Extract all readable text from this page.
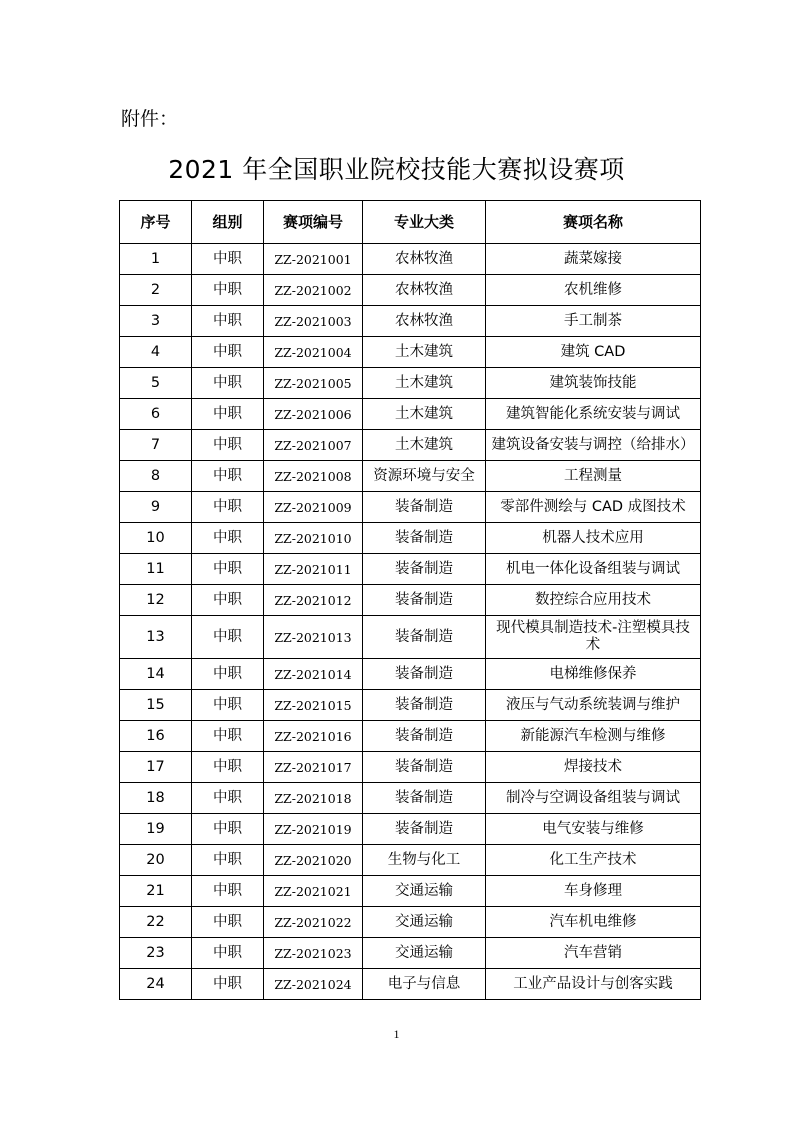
附件：
2021 年全国职业院校技能大赛拟设赛项
序号	组别	赛项编号	专业大类	赛项名称
1	中职	ZZ-2021001	农林牧渔	蔬菜嫁接
2	中职	ZZ-2021002	农林牧渔	农机维修
3	中职	ZZ-2021003	农林牧渔	手工制茶
4	中职	ZZ-2021004	土木建筑	建筑 CAD
5	中职	ZZ-2021005	土木建筑	建筑装饰技能
6	中职	ZZ-2021006	土木建筑	建筑智能化系统安装与调试
7	中职	ZZ-2021007	土木建筑	建筑设备安装与调控（给排水）
8	中职	ZZ-2021008	资源环境与安全	工程测量
9	中职	ZZ-2021009	装备制造	零部件测绘与 CAD 成图技术
10	中职	ZZ-2021010	装备制造	机器人技术应用
11	中职	ZZ-2021011	装备制造	机电一体化设备组装与调试
12	中职	ZZ-2021012	装备制造	数控综合应用技术
13	中职	ZZ-2021013	装备制造	现代模具制造技术-注塑模具技术
14	中职	ZZ-2021014	装备制造	电梯维修保养
15	中职	ZZ-2021015	装备制造	液压与气动系统装调与维护
16	中职	ZZ-2021016	装备制造	新能源汽车检测与维修
17	中职	ZZ-2021017	装备制造	焊接技术
18	中职	ZZ-2021018	装备制造	制冷与空调设备组装与调试
19	中职	ZZ-2021019	装备制造	电气安装与维修
20	中职	ZZ-2021020	生物与化工	化工生产技术
21	中职	ZZ-2021021	交通运输	车身修理
22	中职	ZZ-2021022	交通运输	汽车机电维修
23	中职	ZZ-2021023	交通运输	汽车营销
24	中职	ZZ-2021024	电子与信息	工业产品设计与创客实践
1
